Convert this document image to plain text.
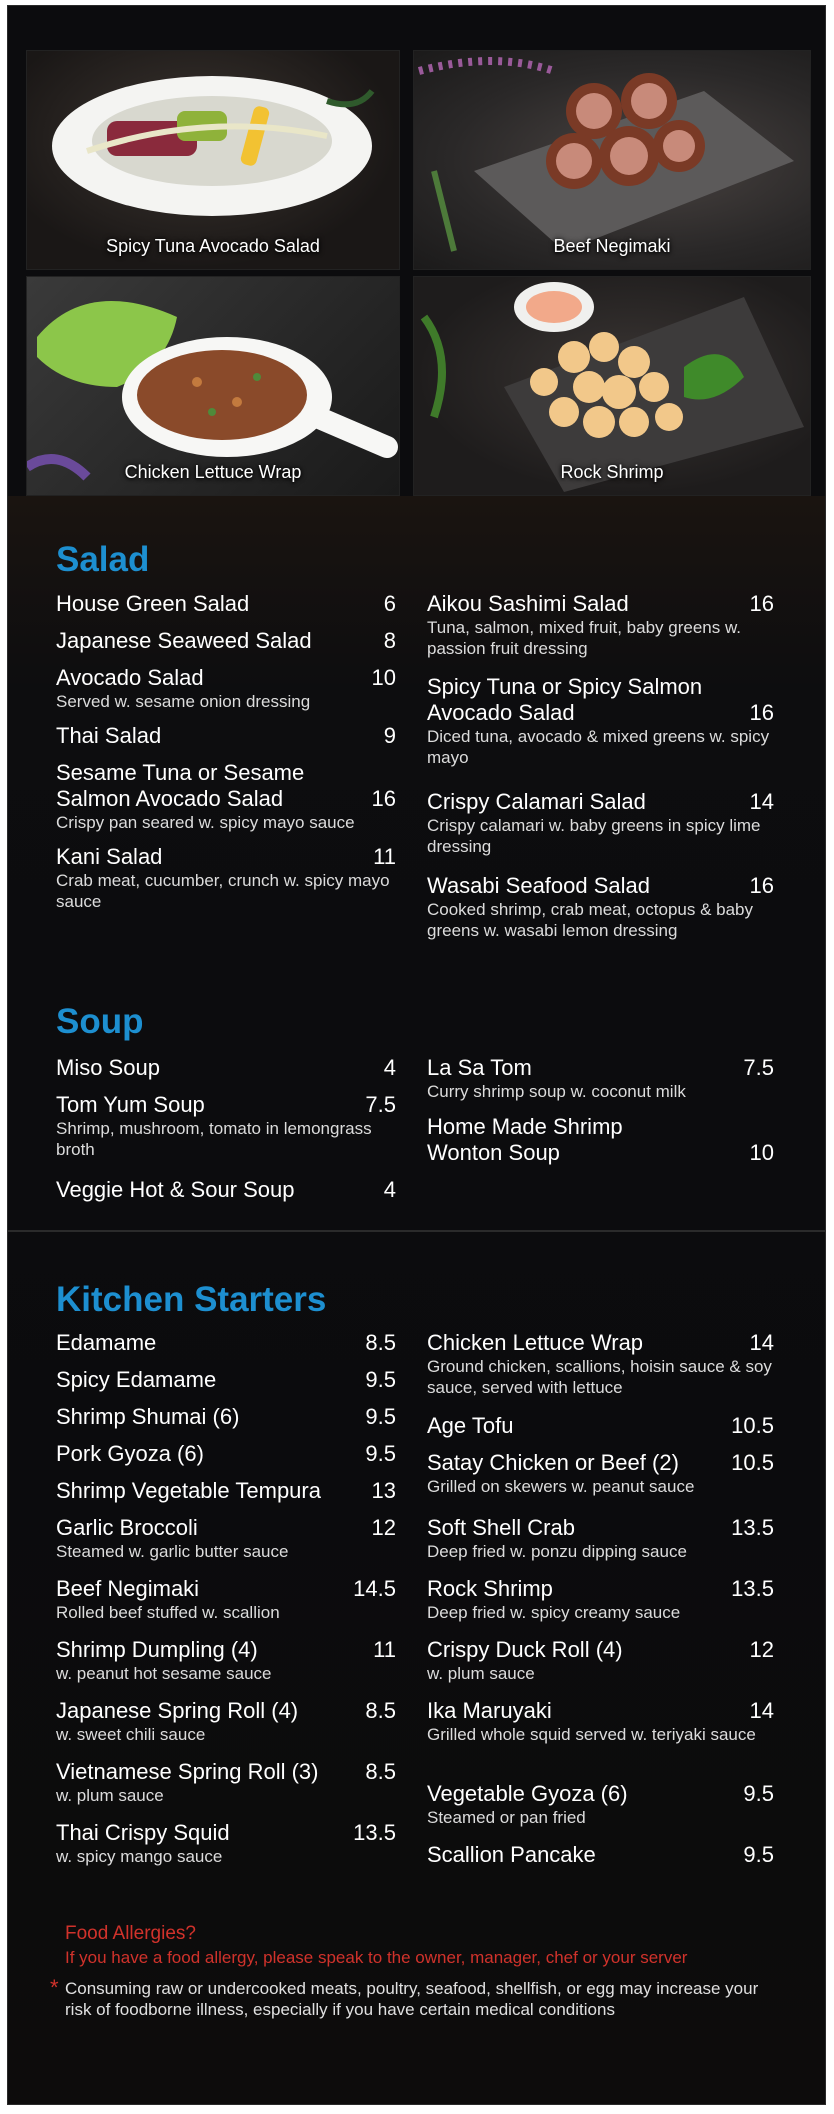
Spicy Tuna Avocado Salad	Beef Negimaki
Chicken Lettuce Wrap	Rock Shrimp
Salad
House Green Salad	6
Japanese Seaweed Salad	8
Avocado Salad	10
Served w. sesame onion dressing
Thai Salad	9
Sesame Tuna or Sesame Salmon Avocado Salad	16
Crispy pan seared w. spicy mayo sauce
Kani Salad	11
Crab meat, cucumber, crunch w. spicy mayo sauce
Aikou Sashimi Salad	16
Tuna, salmon, mixed fruit, baby greens w. passion fruit dressing
Spicy Tuna or Spicy Salmon Avocado Salad	16
Diced tuna, avocado & mixed greens w. spicy mayo
Crispy Calamari Salad	14
Crispy calamari w. baby greens in spicy lime dressing
Wasabi Seafood Salad	16
Cooked shrimp, crab meat, octopus & baby greens w. wasabi lemon dressing
Soup
Miso Soup	4
Tom Yum Soup	7.5
Shrimp, mushroom, tomato in lemongrass broth
Veggie Hot & Sour Soup	4
La Sa Tom	7.5
Curry shrimp soup w. coconut milk
Home Made Shrimp Wonton Soup	10
Kitchen Starters
Edamame	8.5
Spicy Edamame	9.5
Shrimp Shumai (6)	9.5
Pork Gyoza (6)	9.5
Shrimp Vegetable Tempura	13
Garlic Broccoli	12
Steamed w. garlic butter sauce
Beef Negimaki	14.5
Rolled beef stuffed w. scallion
Shrimp Dumpling (4)	11
w. peanut hot sesame sauce
Japanese Spring Roll (4)	8.5
w. sweet chili sauce
Vietnamese Spring Roll (3)	8.5
w. plum sauce
Thai Crispy Squid	13.5
w. spicy mango sauce
Chicken Lettuce Wrap	14
Ground chicken, scallions, hoisin sauce & soy sauce, served with lettuce
Age Tofu	10.5
Satay Chicken or Beef (2)	10.5
Grilled on skewers w. peanut sauce
Soft Shell Crab	13.5
Deep fried w. ponzu dipping sauce
Rock Shrimp	13.5
Deep fried w. spicy creamy sauce
Crispy Duck Roll (4)	12
w. plum sauce
Ika Maruyaki	14
Grilled whole squid served w. teriyaki sauce
Vegetable Gyoza (6)	9.5
Steamed or pan fried
Scallion Pancake	9.5
Food Allergies?
If you have a food allergy, please speak to the owner, manager, chef or your server
* Consuming raw or undercooked meats, poultry, seafood, shellfish, or egg may increase your risk of foodborne illness, especially if you have certain medical conditions
